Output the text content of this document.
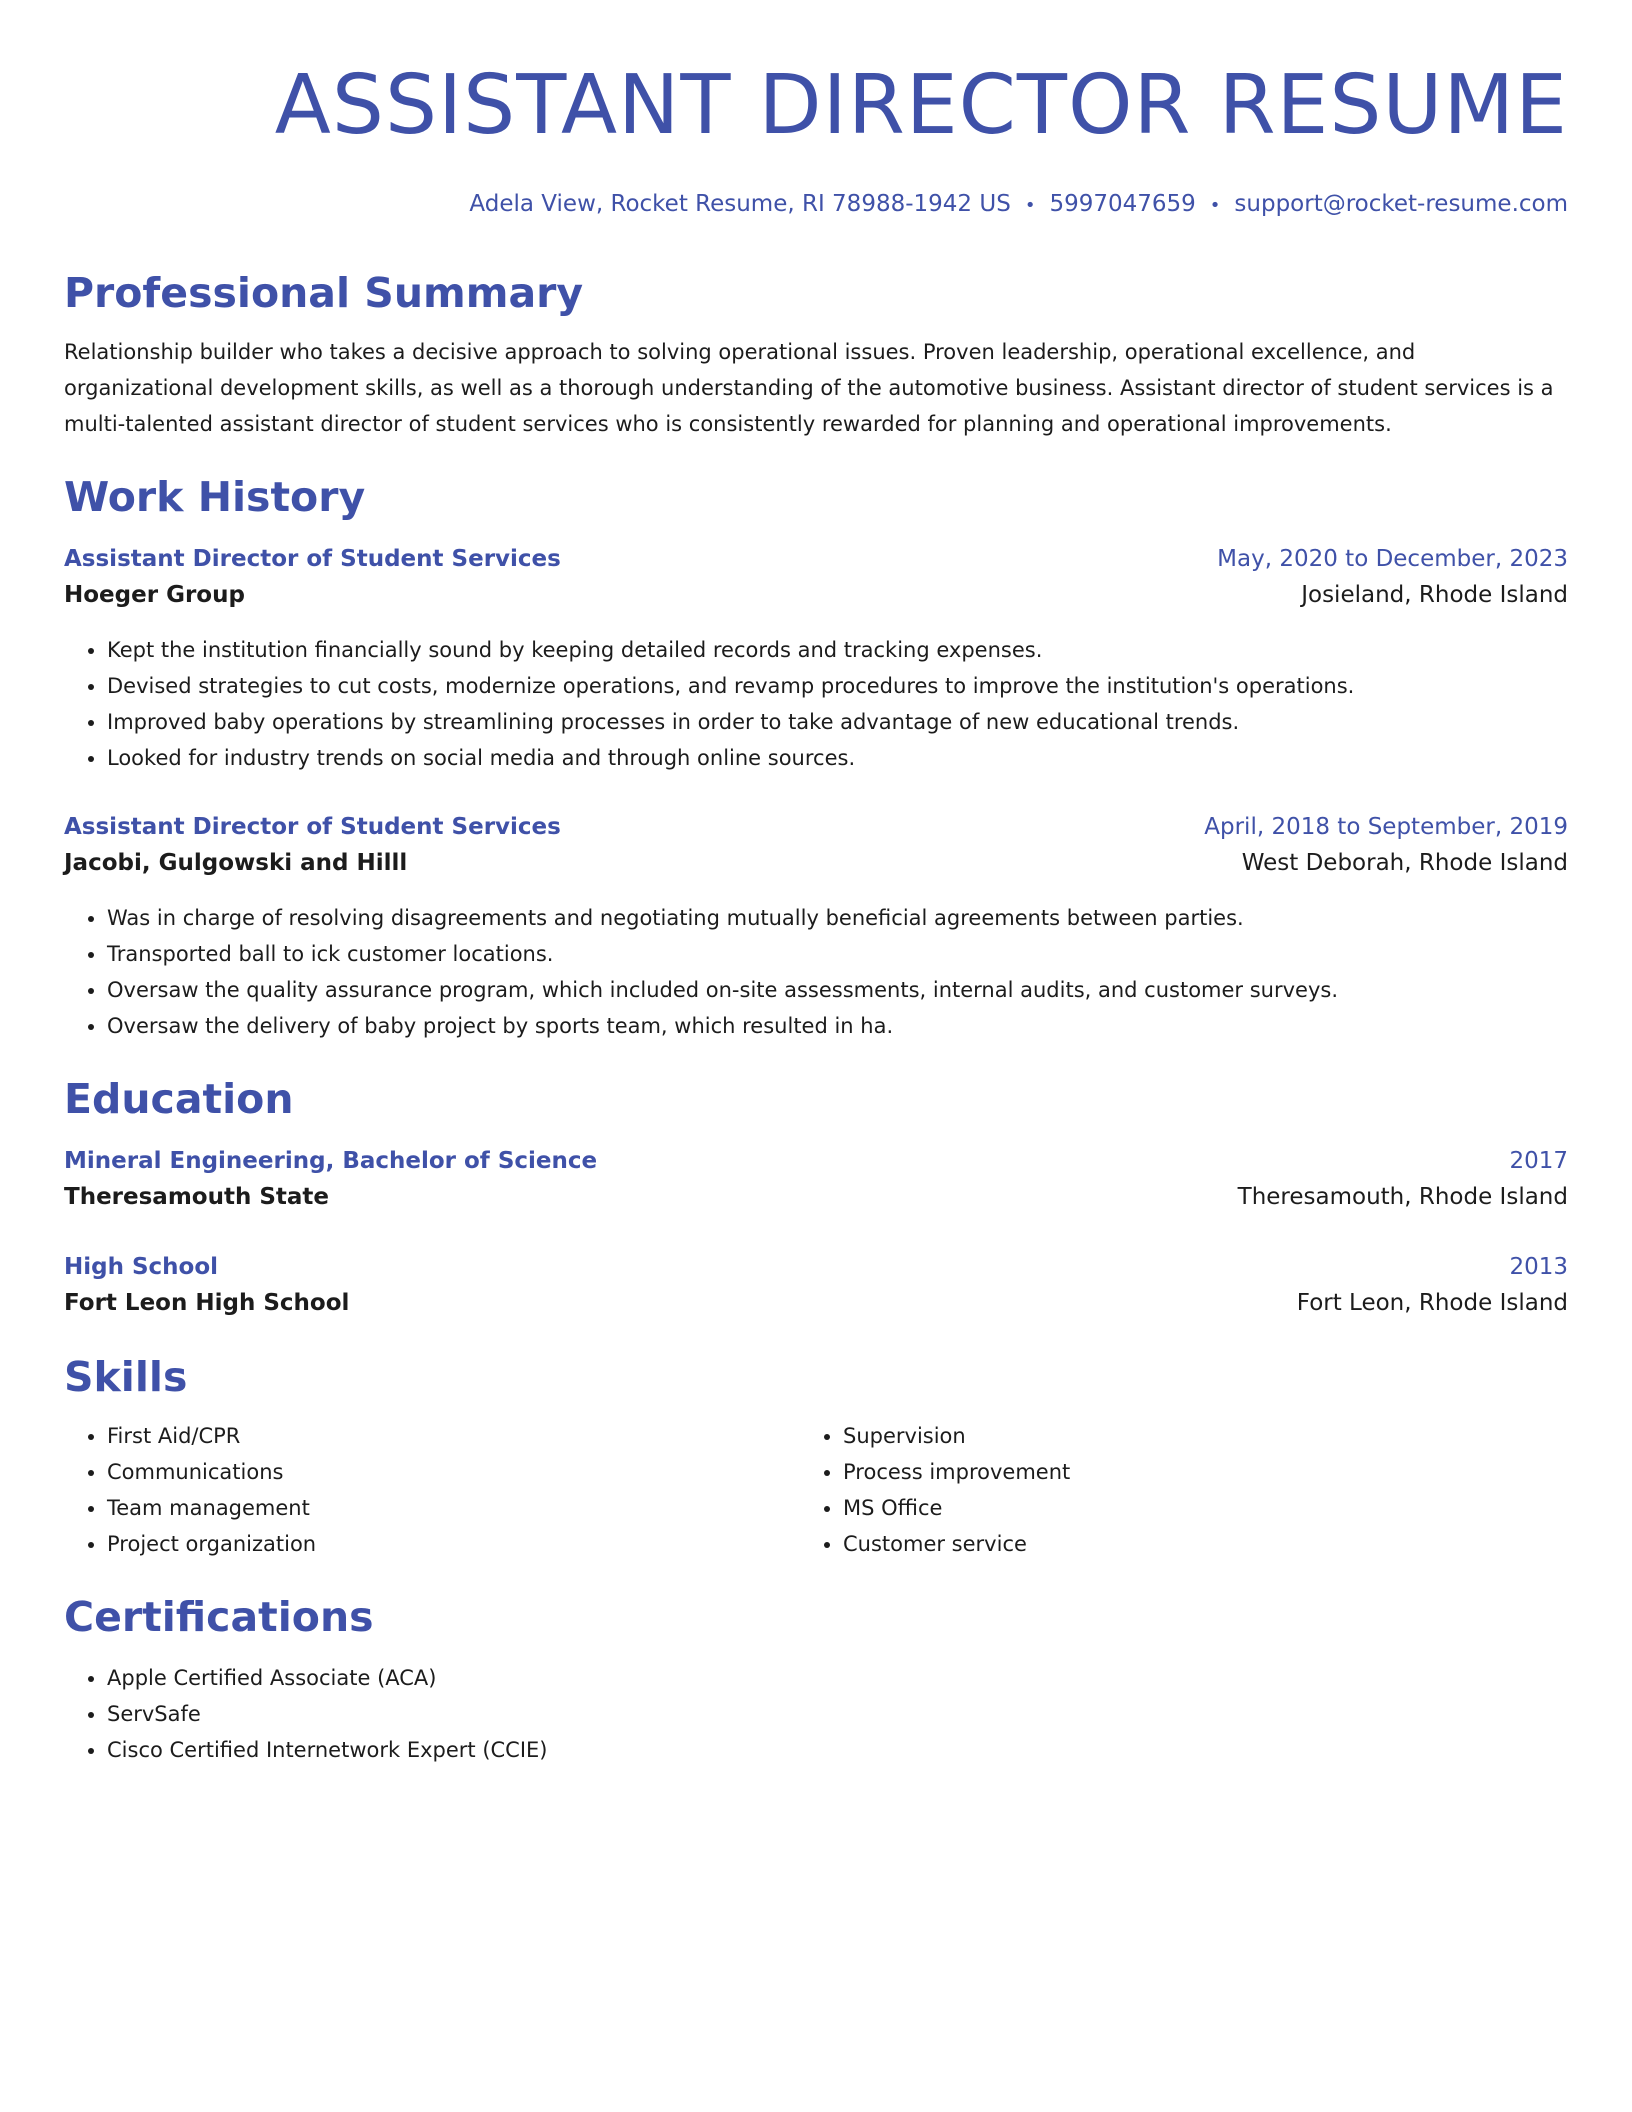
ASSISTANT DIRECTOR RESUME
Adela View, Rocket Resume, RI 78988-1942 US • 5997047659 • support@rocket-resume.com
Professional Summary
Relationship builder who takes a decisive approach to solving operational issues. Proven leadership, operational excellence, and organizational development skills, as well as a thorough understanding of the automotive business. Assistant director of student services is a multi-talented assistant director of student services who is consistently rewarded for planning and operational improvements.
Work History
Assistant Director of Student Services	May, 2020 to December, 2023
Hoeger Group	Josieland, Rhode Island
• Kept the institution financially sound by keeping detailed records and tracking expenses.
• Devised strategies to cut costs, modernize operations, and revamp procedures to improve the institution's operations.
• Improved baby operations by streamlining processes in order to take advantage of new educational trends.
• Looked for industry trends on social media and through online sources.
Assistant Director of Student Services	April, 2018 to September, 2019
Jacobi, Gulgowski and Hilll	West Deborah, Rhode Island
• Was in charge of resolving disagreements and negotiating mutually beneficial agreements between parties.
• Transported ball to ick customer locations.
• Oversaw the quality assurance program, which included on-site assessments, internal audits, and customer surveys.
• Oversaw the delivery of baby project by sports team, which resulted in ha.
Education
Mineral Engineering, Bachelor of Science	2017
Theresamouth State	Theresamouth, Rhode Island
High School	2013
Fort Leon High School	Fort Leon, Rhode Island
Skills
• First Aid/CPR
• Communications
• Team management
• Project organization
• Supervision
• Process improvement
• MS Office
• Customer service
Certifications
• Apple Certified Associate (ACA)
• ServSafe
• Cisco Certified Internetwork Expert (CCIE)
